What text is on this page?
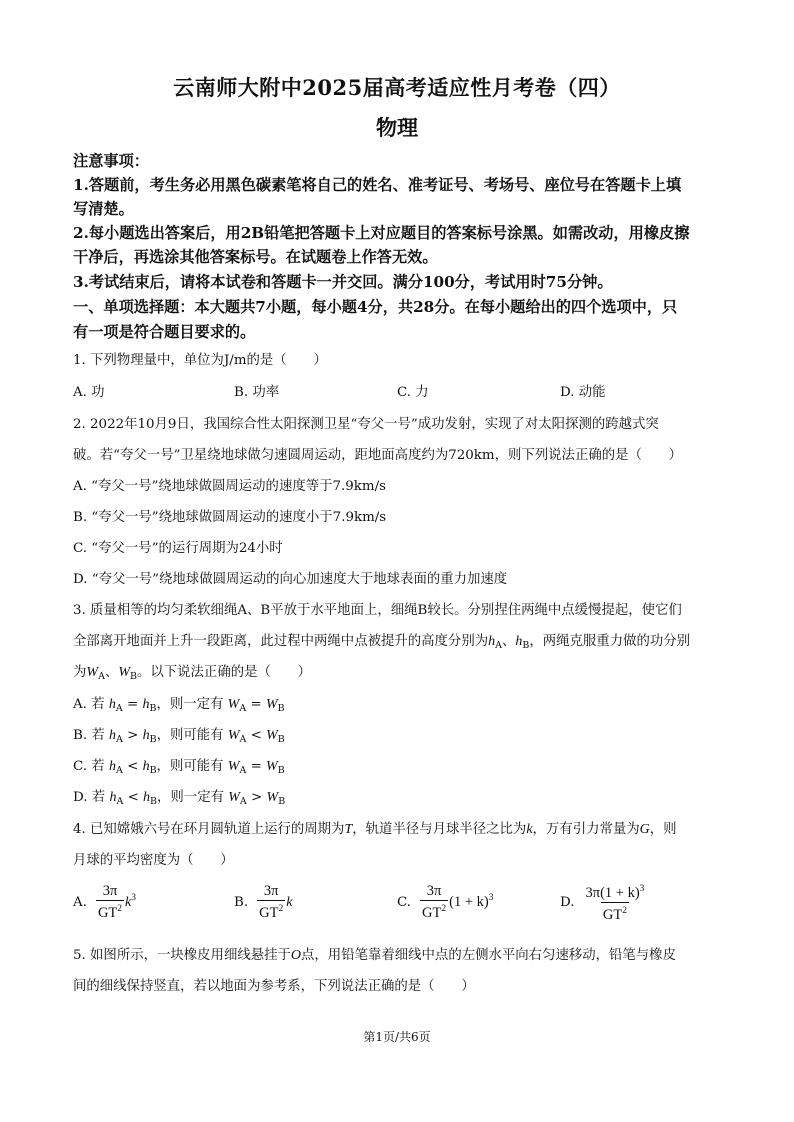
云南师大附中2025届高考适应性月考卷（四）
物理
注意事项：
1.答题前，考生务必用黑色碳素笔将自己的姓名、准考证号、考场号、座位号在答题卡上填
写清楚。
2.每小题选出答案后，用2B铅笔把答题卡上对应题目的答案标号涂黑。如需改动，用橡皮擦
干净后，再选涂其他答案标号。在试题卷上作答无效。
3.考试结束后，请将本试卷和答题卡一并交回。满分100分，考试用时75分钟。
一、单项选择题：本大题共7小题，每小题4分，共28分。在每小题给出的四个选项中，只
有一项是符合题目要求的。
1. 下列物理量中，单位为J/m的是（　　）
A. 功	B. 功率	C. 力	D. 动能
2. 2022年10月9日，我国综合性太阳探测卫星“夸父一号”成功发射，实现了对太阳探测的跨越式突
破。若“夸父一号”卫星绕地球做匀速圆周运动，距地面高度约为720km，则下列说法正确的是（　　）
A. “夸父一号”绕地球做圆周运动的速度等于7.9km/s
B. “夸父一号”绕地球做圆周运动的速度小于7.9km/s
C. “夸父一号”的运行周期为24小时
D. “夸父一号”绕地球做圆周运动的向心加速度大于地球表面的重力加速度
3. 质量相等的均匀柔软细绳A、B平放于水平地面上，细绳B较长。分别捏住两绳中点缓慢提起，使它们
全部离开地面并上升一段距离，此过程中两绳中点被提升的高度分别为$h_A$、$h_B$，两绳克服重力做的功分别
为$W_A$、$W_B$。以下说法正确的是（　　）
A. 若 $h_A = h_B$，则一定有 $W_A = W_B$
B. 若 $h_A > h_B$，则可能有 $W_A < W_B$
C. 若 $h_A < h_B$，则可能有 $W_A = W_B$
D. 若 $h_A < h_B$，则一定有 $W_A > W_B$
4. 已知嫦娥六号在环月圆轨道上运行的周期为T，轨道半径与月球半径之比为k，万有引力常量为G，则
月球的平均密度为（　　）
A. $\frac{3\pi}{GT^2} k^3$	B. $\frac{3\pi}{GT^2}$ k	C. $\frac{3\pi}{GT^2} (1 + k)^3$	D. $\frac{3\pi(1 + k)^3}{GT^2}$
5. 如图所示，一块橡皮用细线悬挂于O点，用铅笔靠着细线中点的左侧水平向右匀速移动，铅笔与橡皮
间的细线保持竖直，若以地面为参考系，下列说法正确的是（　　）
第1页/共6页
